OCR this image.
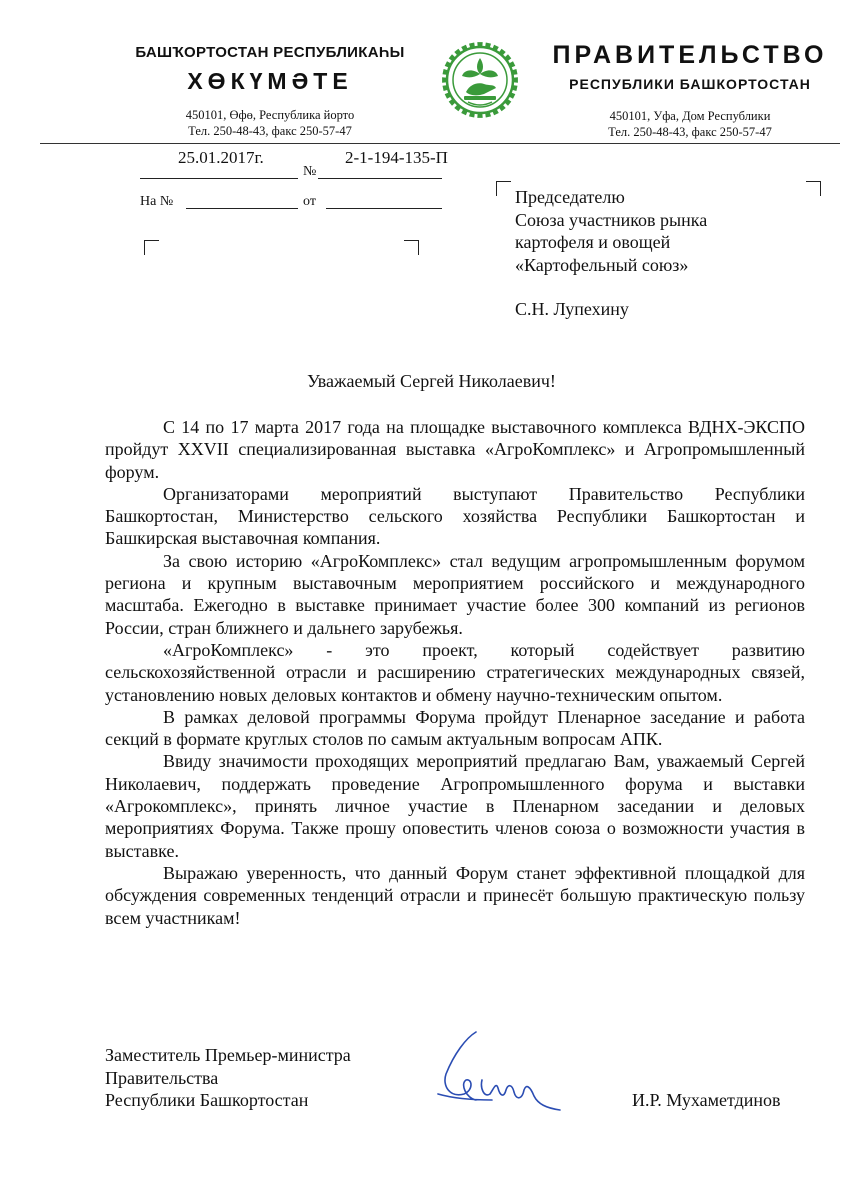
БАШҠОРТОСТАН РЕСПУБЛИКАҺЫ
ХӨКҮМӘТЕ
450101, Өфө, Республика йорто
Тел. 250-48-43, факс 250-57-47
ПРАВИТЕЛЬСТВО
РЕСПУБЛИКИ БАШКОРТОСТАН
450101, Уфа, Дом Республики
Тел. 250-48-43, факс 250-57-47
25.01.2017г.	2-1-194-135-П
№
На №	от	Председателю
Союза участников рынка
картофеля и овощей
«Картофельный союз»
С.Н. Лупехину
Уважаемый Сергей Николаевич!

С 14 по 17 марта 2017 года на площадке выставочного комплекса ВДНХ-ЭКСПО пройдут XXVII специализированная выставка «АгроКомплекс» и Агропромышленный форум.

Организаторами мероприятий выступают Правительство Республики Башкортостан, Министерство сельского хозяйства Республики Башкортостан и Башкирская выставочная компания.

За свою историю «АгроКомплекс» стал ведущим агропромышленным форумом региона и крупным выставочным мероприятием российского и международного масштаба. Ежегодно в выставке принимает участие более 300 компаний из регионов России, стран ближнего и дальнего зарубежья.

«АгроКомплекс» - это проект, который содействует развитию сельскохозяйственной отрасли и расширению стратегических международных связей, установлению новых деловых контактов и обмену научно-техническим опытом.

В рамках деловой программы Форума пройдут Пленарное заседание и работа секций в формате круглых столов по самым актуальным вопросам АПК.

Ввиду значимости проходящих мероприятий предлагаю Вам, уважаемый Сергей Николаевич, поддержать проведение Агропромышленного форума и выставки «Агрокомплекс», принять личное участие в Пленарном заседании и деловых мероприятиях Форума. Также прошу оповестить членов союза о возможности участия в выставке.

Выражаю уверенность, что данный Форум станет эффективной площадкой для обсуждения современных тенденций отрасли и принесёт большую практическую пользу всем участникам!

Заместитель Премьер-министра
Правительства
Республики Башкортостан	И.Р. Мухаметдинов
